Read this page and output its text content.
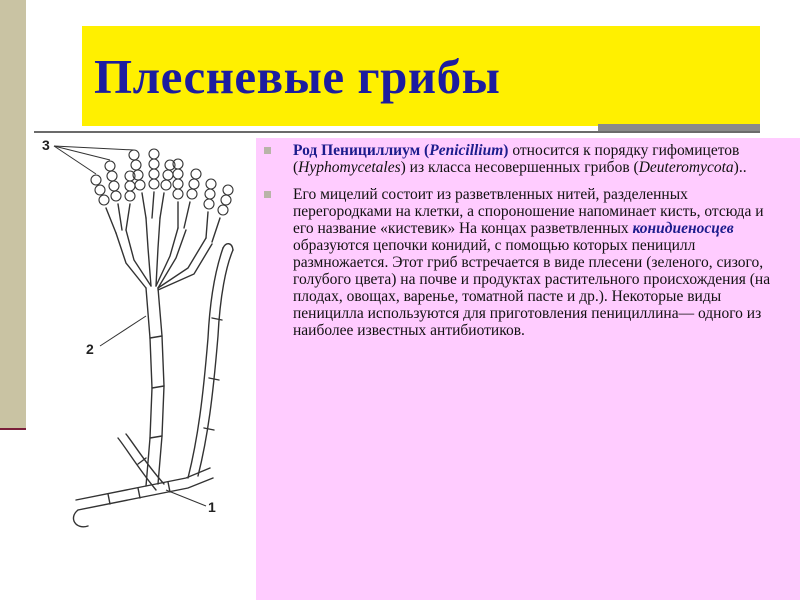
Плесневые грибы
3
2
1
Род Пенициллиум (Penicillium) относится к порядку гифомицетов (Hyphomycetales) из класса несовершенных грибов (Deuteromycota)..
Его мицелий состоит из разветвленных нитей, разделенных перегородками на клетки, а спороношение напоминает кисть, отсюда и его название «кистевик» На концах разветвленных конидиеносцев образуются цепочки конидий, с помощью которых пеницилл размножается. Этот гриб встречается в виде плесени (зеленого, сизого, голубого цвета) на почве и продуктах растительного происхождения (на плодах, овощах, варенье, томатной пасте и др.). Некоторые виды пеницилла используются для приготовления пенициллина— одного из наиболее известных антибиотиков.
